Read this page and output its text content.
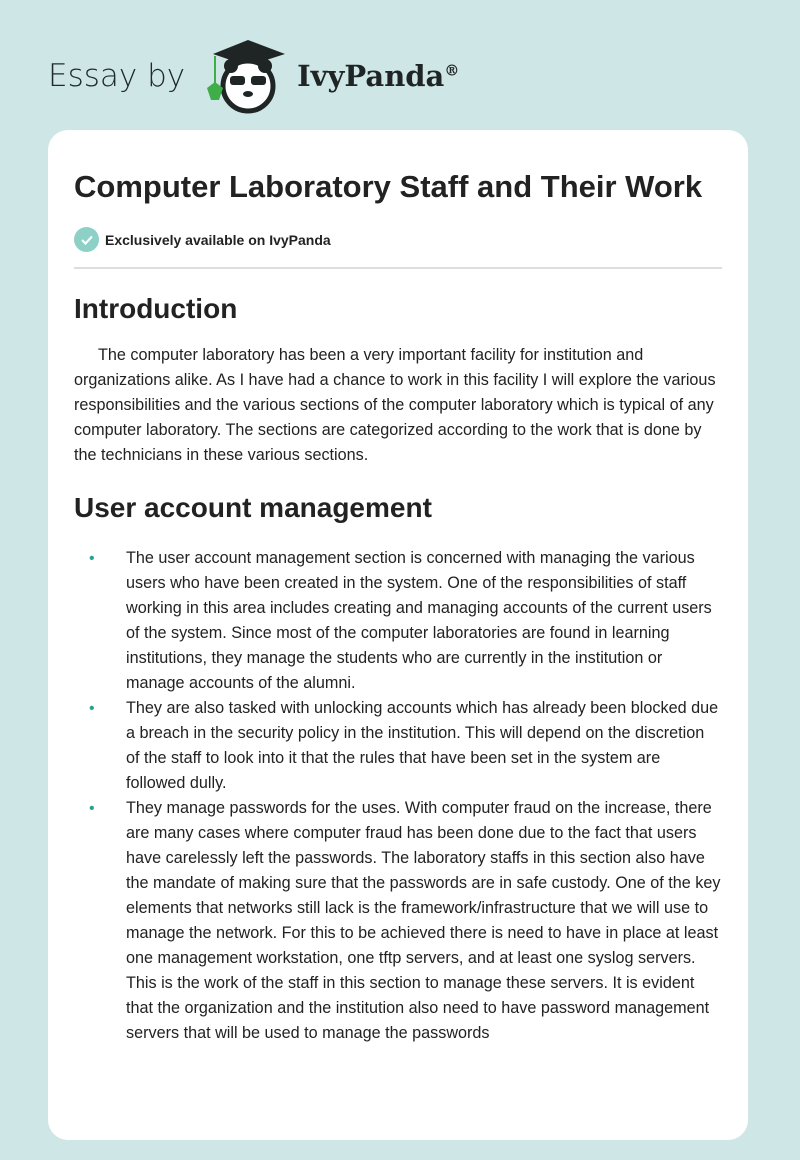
Essay by	IvyPanda®
Computer Laboratory Staff and Their Work
Exclusively available on IvyPanda
Introduction

The computer laboratory has been a very important facility for institution and organizations alike. As I have had a chance to work in this facility I will explore the various responsibilities and the various sections of the computer laboratory which is typical of any computer laboratory. The sections are categorized according to the work that is done by the technicians in these various sections.

User account management
• The user account management section is concerned with managing the various users who have been created in the system. One of the responsibilities of staff working in this area includes creating and managing accounts of the current users of the system. Since most of the computer laboratories are found in learning institutions, they manage the students who are currently in the institution or manage accounts of the alumni.
• They are also tasked with unlocking accounts which has already been blocked due a breach in the security policy in the institution. This will depend on the discretion of the staff to look into it that the rules that have been set in the system are followed dully.
• They manage passwords for the uses. With computer fraud on the increase, there are many cases where computer fraud has been done due to the fact that users have carelessly left the passwords. The laboratory staffs in this section also have the mandate of making sure that the passwords are in safe custody. One of the key elements that networks still lack is the framework/infrastructure that we will use to manage the network. For this to be achieved there is need to have in place at least one management workstation, one tftp servers, and at least one syslog servers. This is the work of the staff in this section to manage these servers. It is evident that the organization and the institution also need to have password management servers that will be used to manage the passwords
